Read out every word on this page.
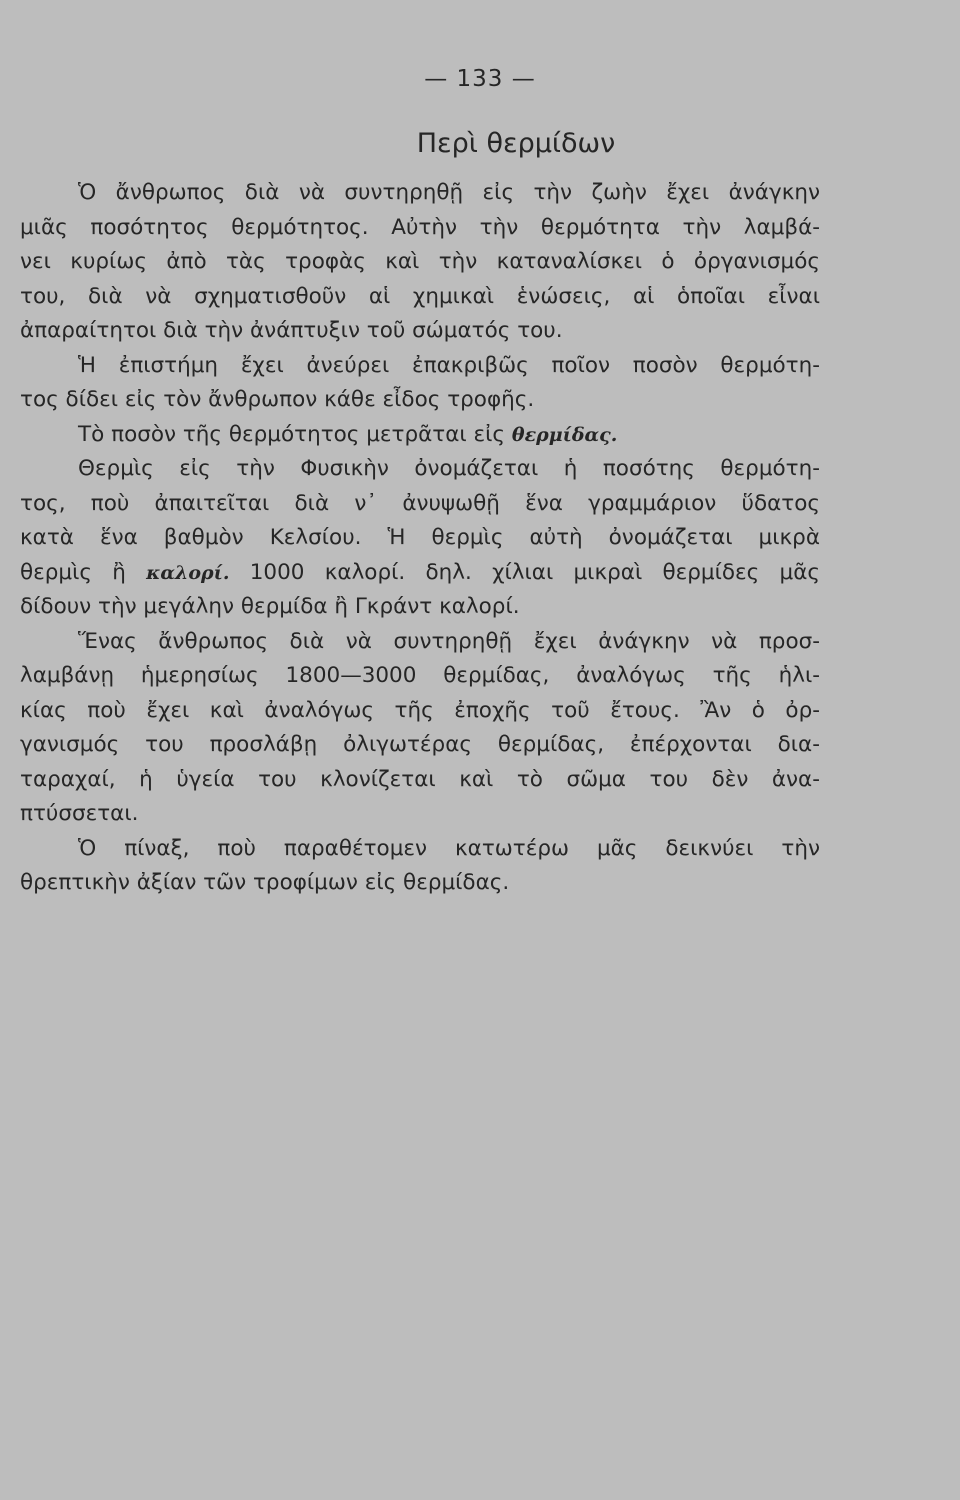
— 133 —
Περὶ θερμίδων
Ὁ ἄνθρωπος διὰ νὰ συντηρηθῇ εἰς τὴν ζωὴν ἔχει ἀνάγκην
μιᾶς ποσότητος θερμότητος. Αὐτὴν τὴν θερμότητα τὴν λαμβά-
νει κυρίως ἀπὸ τὰς τροφὰς καὶ τὴν καταναλίσκει ὁ ὀργανισμός
του, διὰ νὰ σχηματισθοῦν αἱ χημικαὶ ἑνώσεις, αἱ ὁποῖαι εἶναι
ἀπαραίτητοι διὰ τὴν ἀνάπτυξιν τοῦ σώματός του.
Ἡ ἐπιστήμη ἔχει ἀνεύρει ἐπακριβῶς ποῖον ποσὸν θερμότη-
τος δίδει εἰς τὸν ἄνθρωπον κάθε εἶδος τροφῆς.
Τὸ ποσὸν τῆς θερμότητος μετρᾶται εἰς θερμίδας.
Θερμὶς εἰς τὴν Φυσικὴν ὀνομάζεται ἡ ποσότης θερμότη-
τος, ποὺ ἀπαιτεῖται διὰ ν᾽ ἀνυψωθῇ ἕνα γραμμάριον ὕδατος
κατὰ ἕνα βαθμὸν Κελσίου. Ἡ θερμὶς αὐτὴ ὀνομάζεται μικρὰ
θερμὶς ἢ καλορί. 1000 καλορί. δηλ. χίλιαι μικραὶ θερμίδες μᾶς
δίδουν τὴν μεγάλην θερμίδα ἢ Γκράντ καλορί.
Ἕνας ἄνθρωπος διὰ νὰ συντηρηθῇ ἔχει ἀνάγκην νὰ προσ-
λαμβάνῃ ἡμερησίως 1800—3000 θερμίδας, ἀναλόγως τῆς ἡλι-
κίας ποὺ ἔχει καὶ ἀναλόγως τῆς ἐποχῆς τοῦ ἔτους. Ἂν ὁ ὀρ-
γανισμός του προσλάβῃ ὀλιγωτέρας θερμίδας, ἐπέρχονται δια-
ταραχαί, ἡ ὑγεία του κλονίζεται καὶ τὸ σῶμα του δὲν ἀνα-
πτύσσεται.
Ὁ πίναξ, ποὺ παραθέτομεν κατωτέρω μᾶς δεικνύει τὴν
θρεπτικὴν ἀξίαν τῶν τροφίμων εἰς θερμίδας.
